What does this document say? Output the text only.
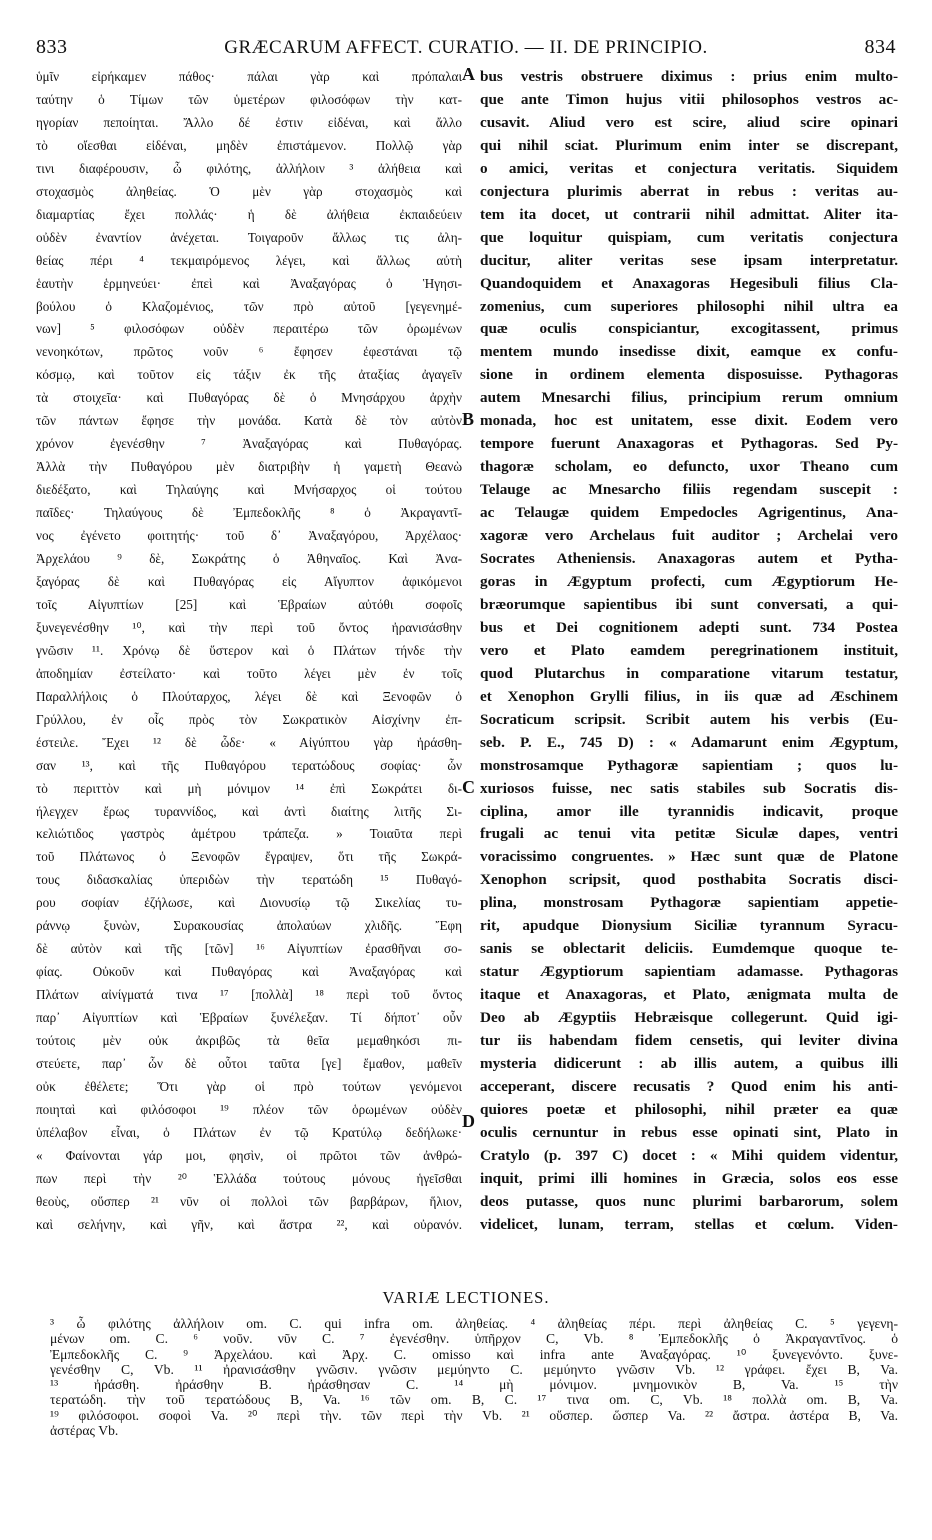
833	GRÆCARUM AFFECT. CURATIO. — II. DE PRINCIPIO.	834
ὑμῖν εἰρήκαμεν πάθος· πάλαι γὰρ καὶ πρόπαλαι
ταύτην ὁ Τίμων τῶν ὑμετέρων φιλοσόφων τὴν κατ-
ηγορίαν πεποίηται. Ἄλλο δέ ἐστιν εἰδέναι, καὶ ἄλλο
τὸ οἴεσθαι εἰδέναι, μηδὲν ἐπιστάμενον. Πολλῷ γὰρ
τινι διαφέρουσιν, ὦ φιλότης, ἀλλήλοιν ³ ἀλήθεια καὶ
στοχασμὸς ἀληθείας. Ὁ μὲν γὰρ στοχασμὸς καὶ
διαμαρτίας ἔχει πολλάς· ἡ δὲ ἀλήθεια ἐκπαιδεύειν
οὐδὲν ἐναντίον ἀνέχεται. Τοιγαροῦν ἄλλως τις ἀλη-
θείας πέρι ⁴ τεκμαιρόμενος λέγει, καὶ ἄλλως αὐτὴ
ἑαυτὴν ἑρμηνεύει· ἐπεὶ καὶ Ἀναξαγόρας ὁ Ἡγησι-
βούλου ὁ Κλαζομένιος, τῶν πρὸ αὐτοῦ [γεγενημέ-
νων] ⁵ φιλοσόφων οὐδὲν περαιτέρω τῶν ὁρωμένων
νενοηκότων, πρῶτος νοῦν ⁶ ἔφησεν ἐφεστάναι τῷ
κόσμῳ, καὶ τοῦτον εἰς τάξιν ἐκ τῆς ἀταξίας ἀγαγεῖν
τὰ στοιχεῖα· καὶ Πυθαγόρας δὲ ὁ Μνησάρχου ἀρχὴν
τῶν πάντων ἔφησε τὴν μονάδα. Κατὰ δὲ τὸν αὐτὸν
χρόνον ἐγενέσθην ⁷ Ἀναξαγόρας καὶ Πυθαγόρας.
Ἀλλὰ τὴν Πυθαγόρου μὲν διατριβὴν ἡ γαμετὴ Θεανὼ
διεδέξατο, καὶ Τηλαύγης καὶ Μνήσαρχος οἱ τούτου
παῖδες· Τηλαύγους δὲ Ἐμπεδοκλῆς ⁸ ὁ Ἀκραγαντῖ-
νος ἐγένετο φοιτητής· τοῦ δ᾽ Ἀναξαγόρου, Ἀρχέλαος·
Ἀρχελάου ⁹ δὲ, Σωκράτης ὁ Ἀθηναῖος. Καὶ Ἀνα-
ξαγόρας δὲ καὶ Πυθαγόρας εἰς Αἴγυπτον ἀφικόμενοι
τοῖς Αἰγυπτίων [25] καὶ Ἑβραίων αὐτόθι σοφοῖς
ξυνεγενέσθην ¹⁰, καὶ τὴν περὶ τοῦ ὄντος ἠρανισάσθην
γνῶσιν ¹¹. Χρόνῳ δὲ ὕστερον καὶ ὁ Πλάτων τήνδε τὴν
ἀποδημίαν ἐστείλατο· καὶ τοῦτο λέγει μὲν ἐν τοῖς
Παραλλήλοις ὁ Πλούταρχος, λέγει δὲ καὶ Ξενοφῶν ὁ
Γρύλλου, ἐν οἷς πρὸς τὸν Σωκρατικὸν Αἰσχίνην ἐπ-
έστειλε. Ἔχει ¹² δὲ ὧδε· « Αἰγύπτου γὰρ ἠράσθη-
σαν ¹³, καὶ τῆς Πυθαγόρου τερατώδους σοφίας· ὧν
τὸ περιττὸν καὶ μὴ μόνιμον ¹⁴ ἐπὶ Σωκράτει δι-
ήλεγχεν ἔρως τυραννίδος, καὶ ἀντὶ διαίτης λιτῆς Σι-
κελιώτιδος γαστρὸς ἀμέτρου τράπεζα. » Τοιαῦτα περὶ
τοῦ Πλάτωνος ὁ Ξενοφῶν ἔγραψεν, ὅτι τῆς Σωκρά-
τους διδασκαλίας ὑπεριδὼν τὴν τερατώδη ¹⁵ Πυθαγό-
ρου σοφίαν ἐζήλωσε, καὶ Διονυσίῳ τῷ Σικελίας τυ-
ράννῳ ξυνὼν, Συρακουσίας ἀπολαύων χλιδῆς. Ἔφη
δὲ αὐτὸν καὶ τῆς [τῶν] ¹⁶ Αἰγυπτίων ἐρασθῆναι σο-
φίας. Οὐκοῦν καὶ Πυθαγόρας καὶ Ἀναξαγόρας καὶ
Πλάτων αἰνίγματά τινα ¹⁷ [πολλὰ] ¹⁸ περὶ τοῦ ὄντος
παρ᾽ Αἰγυπτίων καὶ Ἑβραίων ξυνέλεξαν. Τί δήποτ᾽ οὖν
τούτοις μὲν οὐκ ἀκριβῶς τὰ θεῖα μεμαθηκόσι πι-
στεύετε, παρ᾽ ὧν δὲ οὗτοι ταῦτα [γε] ἔμαθον, μαθεῖν
οὐκ ἐθέλετε; Ὅτι γὰρ οἱ πρὸ τούτων γενόμενοι
ποιηταὶ καὶ φιλόσοφοι ¹⁹ πλέον τῶν ὁρωμένων οὐδὲν
ὑπέλαβον εἶναι, ὁ Πλάτων ἐν τῷ Κρατύλῳ δεδήλωκε·
« Φαίνονται γάρ μοι, φησὶν, οἱ πρῶτοι τῶν ἀνθρώ-
πων περὶ τὴν ²⁰ Ἑλλάδα τούτους μόνους ἡγεῖσθαι
θεοὺς, οὕσπερ ²¹ νῦν οἱ πολλοὶ τῶν βαρβάρων, ἥλιον,
καὶ σελήνην, καὶ γῆν, καὶ ἄστρα ²², καὶ οὐρανόν.
A
B
C
D
bus vestris obstruere diximus : prius enim multo-
que ante Timon hujus vitii philosophos vestros ac-
cusavit. Aliud vero est scire, aliud scire opinari
qui nihil sciat. Plurimum enim inter se discrepant,
o amici, veritas et conjectura veritatis. Siquidem
conjectura plurimis aberrat in rebus : veritas au-
tem ita docet, ut contrarii nihil admittat. Aliter ita-
que loquitur quispiam, cum veritatis conjectura
ducitur, aliter veritas sese ipsam interpretatur.
Quandoquidem et Anaxagoras Hegesibuli filius Cla-
zomenius, cum superiores philosophi nihil ultra ea
quæ oculis conspiciantur, excogitassent, primus
mentem mundo insedisse dixit, eamque ex confu-
sione in ordinem elementa disposuisse. Pythagoras
autem Mnesarchi filius, principium rerum omnium
monada, hoc est unitatem, esse dixit. Eodem vero
tempore fuerunt Anaxagoras et Pythagoras. Sed Py-
thagoræ scholam, eo defuncto, uxor Theano cum
Telauge ac Mnesarcho filiis regendam suscepit :
ac Telaugæ quidem Empedocles Agrigentinus, Ana-
xagoræ vero Archelaus fuit auditor ; Archelai vero
Socrates Atheniensis. Anaxagoras autem et Pytha-
goras in Ægyptum profecti, cum Ægyptiorum He-
bræorumque sapientibus ibi sunt conversati, a qui-
bus et Dei cognitionem adepti sunt. 734 Postea
vero et Plato eamdem peregrinationem instituit,
quod Plutarchus in comparatione vitarum testatur,
et Xenophon Grylli filius, in iis quæ ad Æschinem
Socraticum scripsit. Scribit autem his verbis (Eu-
seb. P. E., 745 D) : « Adamarunt enim Ægyptum,
monstrosamque Pythagoræ sapientiam ; quos lu-
xuriosos fuisse, nec satis stabiles sub Socratis dis-
ciplina, amor ille tyrannidis indicavit, proque
frugali ac tenui vita petitæ Siculæ dapes, ventri
voracissimo congruentes. » Hæc sunt quæ de Platone
Xenophon scripsit, quod posthabita Socratis disci-
plina, monstrosam Pythagoræ sapientiam appetie-
rit, apudque Dionysium Siciliæ tyrannum Syracu-
sanis se oblectarit deliciis. Eumdemque quoque te-
statur Ægyptiorum sapientiam adamasse. Pythagoras
itaque et Anaxagoras, et Plato, ænigmata multa de
Deo ab Ægyptiis Hebræisque collegerunt. Quid igi-
tur iis habendam fidem censetis, qui leviter divina
mysteria didicerunt : ab illis autem, a quibus illi
acceperant, discere recusatis ? Quod enim his anti-
quiores poetæ et philosophi, nihil præter ea quæ
oculis cernuntur in rebus esse opinati sint, Plato in
Cratylo (p. 397 C) docet : « Mihi quidem videntur,
inquit, primi illi homines in Græcia, solos eos esse
deos putasse, quos nunc plurimi barbarorum, solem
videlicet, lunam, terram, stellas et cœlum. Viden-
VARIÆ LECTIONES.
³ ὦ φιλότης ἀλλήλοιν om. C. qui infra om. ἀληθείας. ⁴ ἀληθείας πέρι. περὶ ἀληθείας C. ⁵ γεγενη-
μένων om. C. ⁶ νοῦν. νῦν C. ⁷ ἐγενέσθην. ὑπῆρχον C, Vb. ⁸ Ἐμπεδοκλῆς ὁ Ἀκραγαντῖνος. ὁ
Ἐμπεδοκλῆς C. ⁹ Ἀρχελάου. καὶ Ἀρχ. C. omisso καὶ infra ante Ἀναξαγόρας. ¹⁰ ξυνεγενόντο. ξυνε-
γενέσθην C, Vb. ¹¹ ἠρανισάσθην γνῶσιν. γνῶσιν μεμύηντο C. μεμύηντο γνῶσιν Vb. ¹² γράφει. ἔχει B, Va.
¹³ ἠράσθη. ἠράσθην B. ἠράσθησαν C. ¹⁴ μὴ μόνιμον. μνημονικὸν B, Va. ¹⁵ τὴν
τερατώδη. τὴν τοῦ τερατώδους B, Va. ¹⁶ τῶν om. B, C. ¹⁷ τινα om. C, Vb. ¹⁸ πολλὰ om. B, Va.
¹⁹ φιλόσοφοι. σοφοὶ Va. ²⁰ περὶ τὴν. τῶν περὶ τὴν Vb. ²¹ οὕσπερ. ὥσπερ Va. ²² ἄστρα. ἀστέρα B, Va.
ἀστέρας Vb.
